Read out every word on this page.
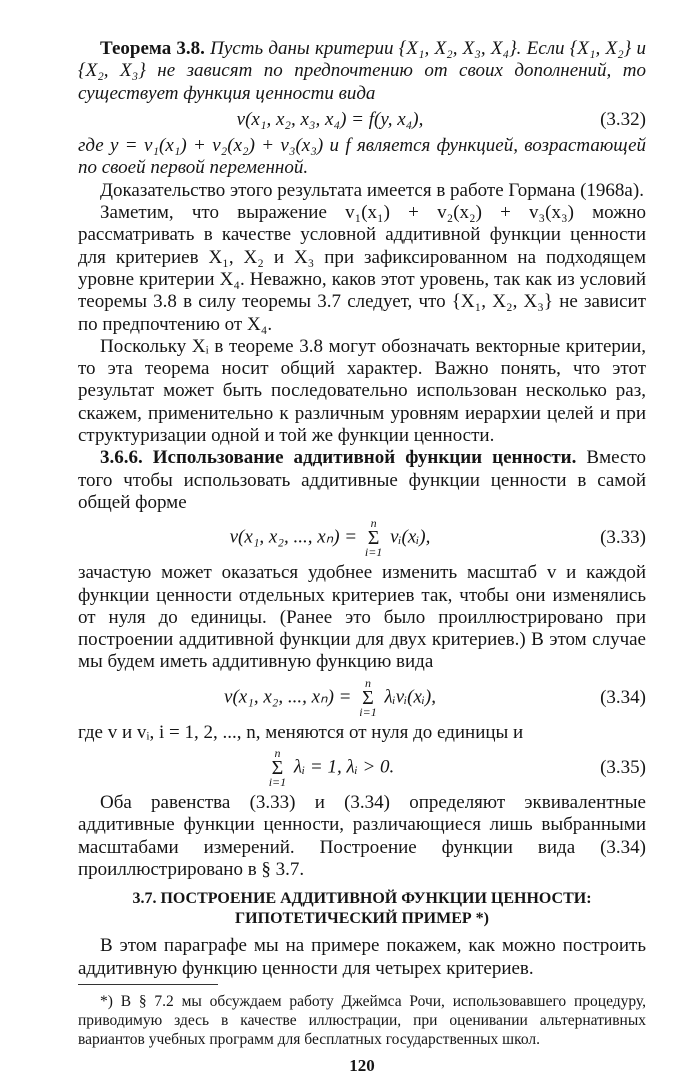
Теорема 3.8. Пусть даны критерии {X₁, X₂, X₃, X₄}. Если {X₁, X₂} и {X₂, X₃} не зависят по предпочтению от своих дополнений, то существует функция ценности вида

v(x₁, x₂, x₃, x₄) = f(y, x₄),	(3.32)

где y = v₁(x₁) + v₂(x₂) + v₃(x₃) и f является функцией, возрастающей по своей первой переменной.

Доказательство этого результата имеется в работе Гормана (1968а).

Заметим, что выражение v₁(x₁) + v₂(x₂) + v₃(x₃) можно рассматривать в качестве условной аддитивной функции ценности для критериев X₁, X₂ и X₃ при зафиксированном на подходящем уровне критерии X₄. Неважно, каков этот уровень, так как из условий теоремы 3.8 в силу теоремы 3.7 следует, что {X₁, X₂, X₃} не зависит по предпочтению от X₄.

Поскольку Xᵢ в теореме 3.8 могут обозначать векторные критерии, то эта теорема носит общий характер. Важно понять, что этот результат может быть последовательно использован несколько раз, скажем, применительно к различным уровням иерархии целей и при структуризации одной и той же функции ценности.

3.6.6. Использование аддитивной функции ценности. Вместо того чтобы использовать аддитивные функции ценности в самой общей форме

v(x₁, x₂, ..., xₙ) =
n
Σ
i=1
vᵢ(xᵢ),	(3.33)

зачастую может оказаться удобнее изменить масштаб v и каждой функции ценности отдельных критериев так, чтобы они изменялись от нуля до единицы. (Ранее это было проиллюстрировано при построении аддитивной функции для двух критериев.) В этом случае мы будем иметь аддитивную функцию вида

v(x₁, x₂, ..., xₙ) =
n
Σ
i=1
λᵢvᵢ(xᵢ),	(3.34)

где v и vᵢ, i = 1, 2, ..., n, меняются от нуля до единицы и

n
Σ
i=1
λᵢ = 1, λᵢ > 0.	(3.35)

Оба равенства (3.33) и (3.34) определяют эквивалентные аддитивные функции ценности, различающиеся лишь выбранными масштабами измерений. Построение функции вида (3.34) проиллюстрировано в § 3.7.

3.7. ПОСТРОЕНИЕ АДДИТИВНОЙ ФУНКЦИИ ЦЕННОСТИ:
ГИПОТЕТИЧЕСКИЙ ПРИМЕР *)

В этом параграфе мы на примере покажем, как можно построить аддитивную функцию ценности для четырех критериев.

*) В § 7.2 мы обсуждаем работу Джеймса Рочи, использовавшего процедуру, приводимую здесь в качестве иллюстрации, при оценивании альтернативных вариантов учебных программ для бесплатных государственных школ.

120
